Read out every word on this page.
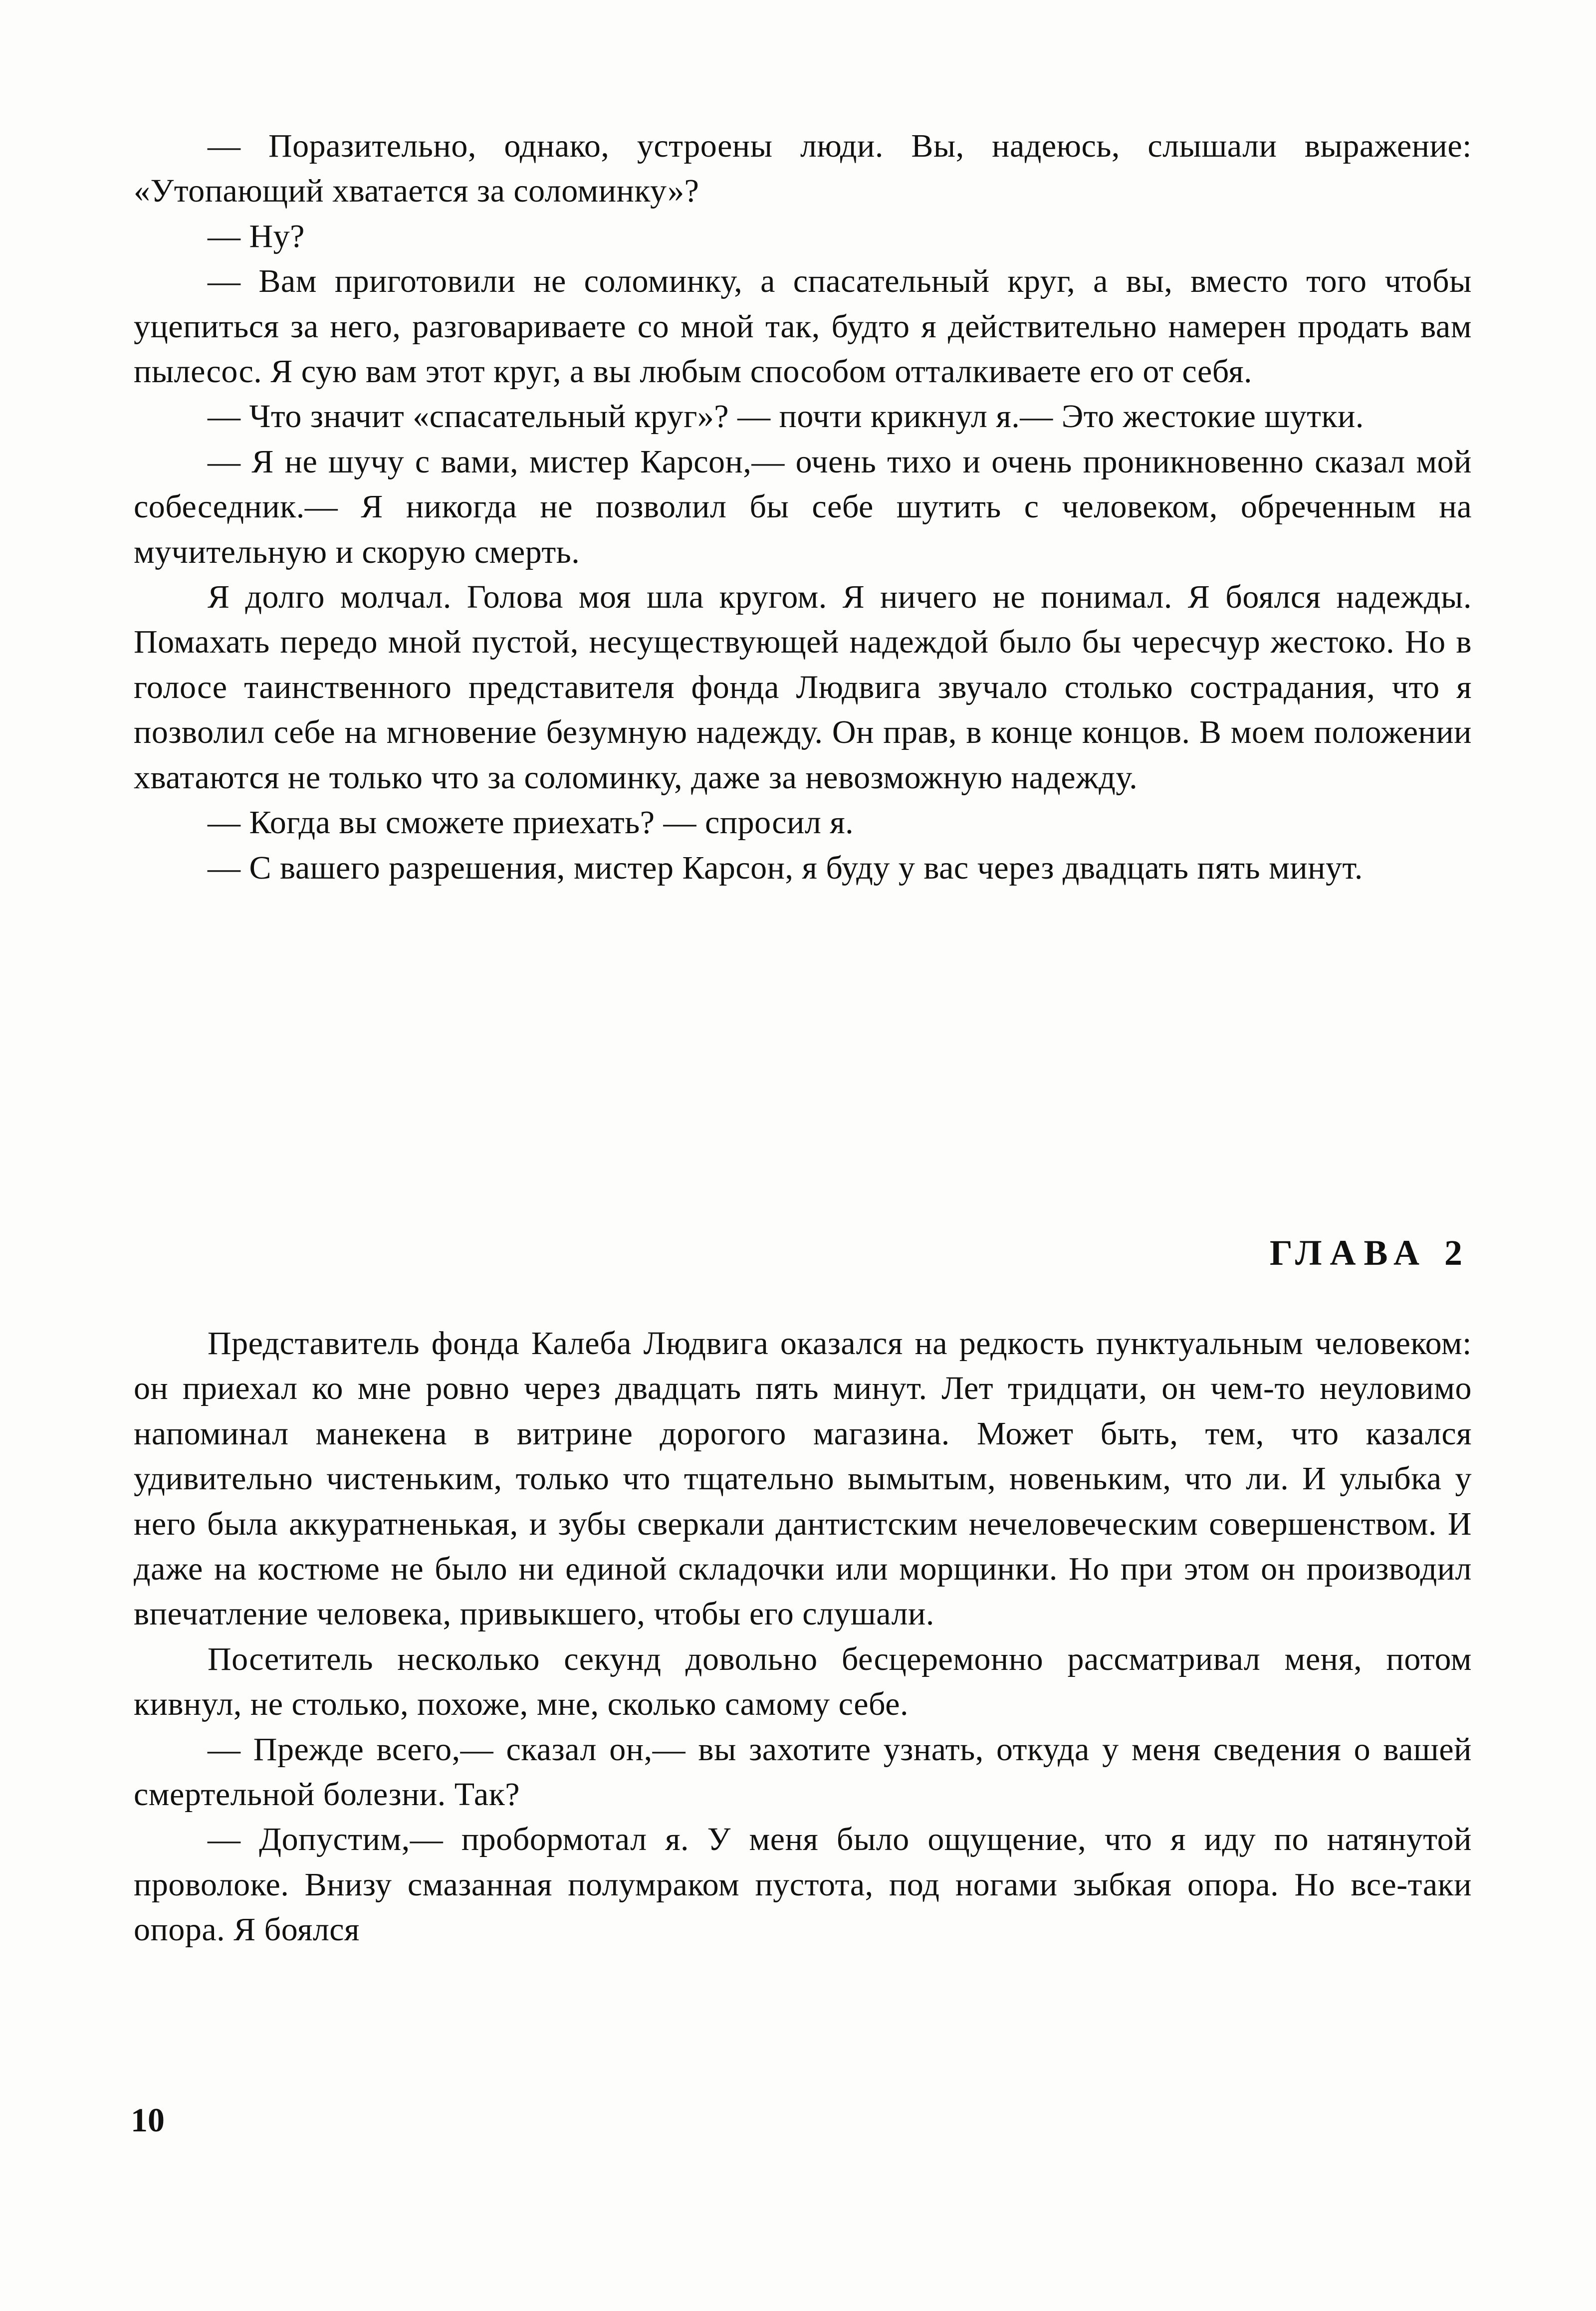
— Поразительно, однако, устроены люди. Вы, надеюсь, слышали выражение: «Утопающий хватается за соломинку»?

— Ну?

— Вам приготовили не соломинку, а спасательный круг, а вы, вместо того чтобы уцепиться за него, разговариваете со мной так, будто я действительно намерен продать вам пылесос. Я сую вам этот круг, а вы любым способом отталкиваете его от себя.

— Что значит «спасательный круг»? — почти крикнул я.— Это жестокие шутки.

— Я не шучу с вами, мистер Карсон,— очень тихо и очень проникновенно сказал мой собеседник.— Я никогда не позволил бы себе шутить с человеком, обреченным на мучительную и скорую смерть.

Я долго молчал. Голова моя шла кругом. Я ничего не понимал. Я боялся надежды. Помахать передо мной пустой, несуществующей надеждой было бы чересчур жестоко. Но в голосе таинственного представителя фонда Людвига звучало столько сострадания, что я позволил себе на мгновение безумную надежду. Он прав, в конце концов. В моем положении хватаются не только что за соломинку, даже за невозможную надежду.

— Когда вы сможете приехать? — спросил я.

— С вашего разрешения, мистер Карсон, я буду у вас через двадцать пять минут.

ГЛАВА 2

Представитель фонда Калеба Людвига оказался на редкость пунктуальным человеком: он приехал ко мне ровно через двадцать пять минут. Лет тридцати, он чем-то неуловимо напоминал манекена в витрине дорогого магазина. Может быть, тем, что казался удивительно чистеньким, только что тщательно вымытым, новеньким, что ли. И улыбка у него была аккуратненькая, и зубы сверкали дантистским нечеловеческим совершенством. И даже на костюме не было ни единой складочки или морщинки. Но при этом он производил впечатление человека, привыкшего, чтобы его слушали.

Посетитель несколько секунд довольно бесцеремонно рассматривал меня, потом кивнул, не столько, похоже, мне, сколько самому себе.

— Прежде всего,— сказал он,— вы захотите узнать, откуда у меня сведения о вашей смертельной болезни. Так?

— Допустим,— пробормотал я. У меня было ощущение, что я иду по натянутой проволоке. Внизу смазанная полумраком пустота, под ногами зыбкая опора. Но все-таки опора. Я боялся

10
